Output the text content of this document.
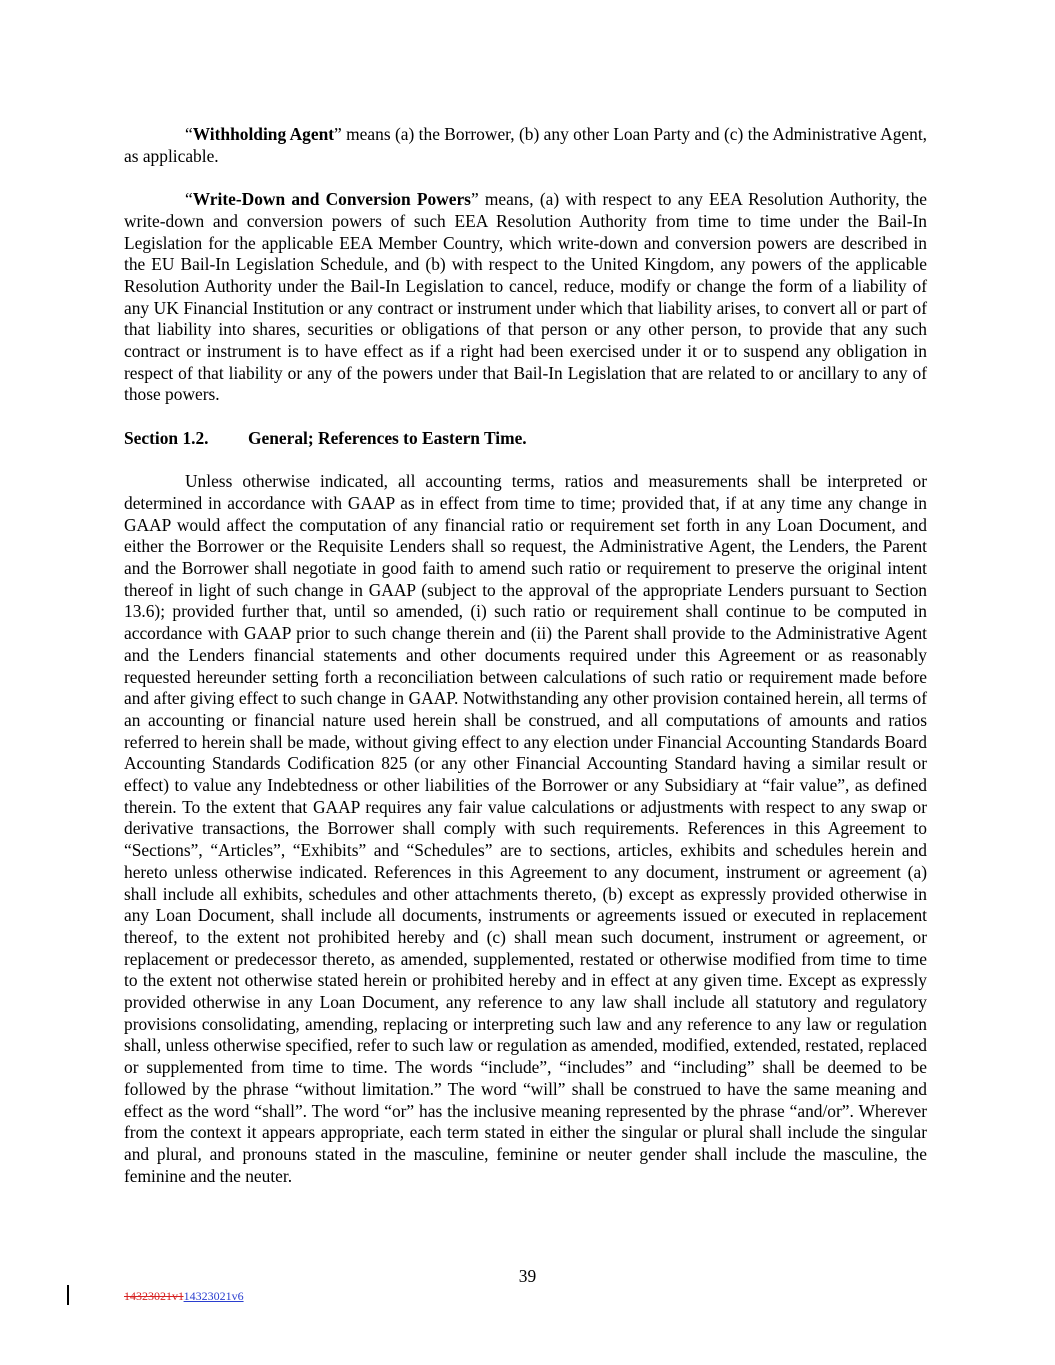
“Withholding Agent” means (a) the Borrower, (b) any other Loan Party and (c) the Administrative Agent, as applicable.

“Write-Down and Conversion Powers” means, (a) with respect to any EEA Resolution Authority, the write-down and conversion powers of such EEA Resolution Authority from time to time under the Bail-In Legislation for the applicable EEA Member Country, which write-down and conversion powers are described in the EU Bail-In Legislation Schedule, and (b) with respect to the United Kingdom, any powers of the applicable Resolution Authority under the Bail-In Legislation to cancel, reduce, modify or change the form of a liability of any UK Financial Institution or any contract or instrument under which that liability arises, to convert all or part of that liability into shares, securities or obligations of that person or any other person, to provide that any such contract or instrument is to have effect as if a right had been exercised under it or to suspend any obligation in respect of that liability or any of the powers under that Bail-In Legislation that are related to or ancillary to any of those powers.

Section 1.2. General; References to Eastern Time.

Unless otherwise indicated, all accounting terms, ratios and measurements shall be interpreted or determined in accordance with GAAP as in effect from time to time; provided that, if at any time any change in GAAP would affect the computation of any financial ratio or requirement set forth in any Loan Document, and either the Borrower or the Requisite Lenders shall so request, the Administrative Agent, the Lenders, the Parent and the Borrower shall negotiate in good faith to amend such ratio or requirement to preserve the original intent thereof in light of such change in GAAP (subject to the approval of the appropriate Lenders pursuant to Section 13.6); provided further that, until so amended, (i) such ratio or requirement shall continue to be computed in accordance with GAAP prior to such change therein and (ii) the Parent shall provide to the Administrative Agent and the Lenders financial statements and other documents required under this Agreement or as reasonably requested hereunder setting forth a reconciliation between calculations of such ratio or requirement made before and after giving effect to such change in GAAP. Notwithstanding any other provision contained herein, all terms of an accounting or financial nature used herein shall be construed, and all computations of amounts and ratios referred to herein shall be made, without giving effect to any election under Financial Accounting Standards Board Accounting Standards Codification 825 (or any other Financial Accounting Standard having a similar result or effect) to value any Indebtedness or other liabilities of the Borrower or any Subsidiary at “fair value”, as defined therein. To the extent that GAAP requires any fair value calculations or adjustments with respect to any swap or derivative transactions, the Borrower shall comply with such requirements. References in this Agreement to “Sections”, “Articles”, “Exhibits” and “Schedules” are to sections, articles, exhibits and schedules herein and hereto unless otherwise indicated. References in this Agreement to any document, instrument or agreement (a) shall include all exhibits, schedules and other attachments thereto, (b) except as expressly provided otherwise in any Loan Document, shall include all documents, instruments or agreements issued or executed in replacement thereof, to the extent not prohibited hereby and (c) shall mean such document, instrument or agreement, or replacement or predecessor thereto, as amended, supplemented, restated or otherwise modified from time to time to the extent not otherwise stated herein or prohibited hereby and in effect at any given time. Except as expressly provided otherwise in any Loan Document, any reference to any law shall include all statutory and regulatory provisions consolidating, amending, replacing or interpreting such law and any reference to any law or regulation shall, unless otherwise specified, refer to such law or regulation as amended, modified, extended, restated, replaced or supplemented from time to time. The words “include”, “includes” and “including” shall be deemed to be followed by the phrase “without limitation.” The word “will” shall be construed to have the same meaning and effect as the word “shall”. The word “or” has the inclusive meaning represented by the phrase “and/or”. Wherever from the context it appears appropriate, each term stated in either the singular or plural shall include the singular and plural, and pronouns stated in the masculine, feminine or neuter gender shall include the masculine, the feminine and the neuter.

39
14323021v114323021v6
